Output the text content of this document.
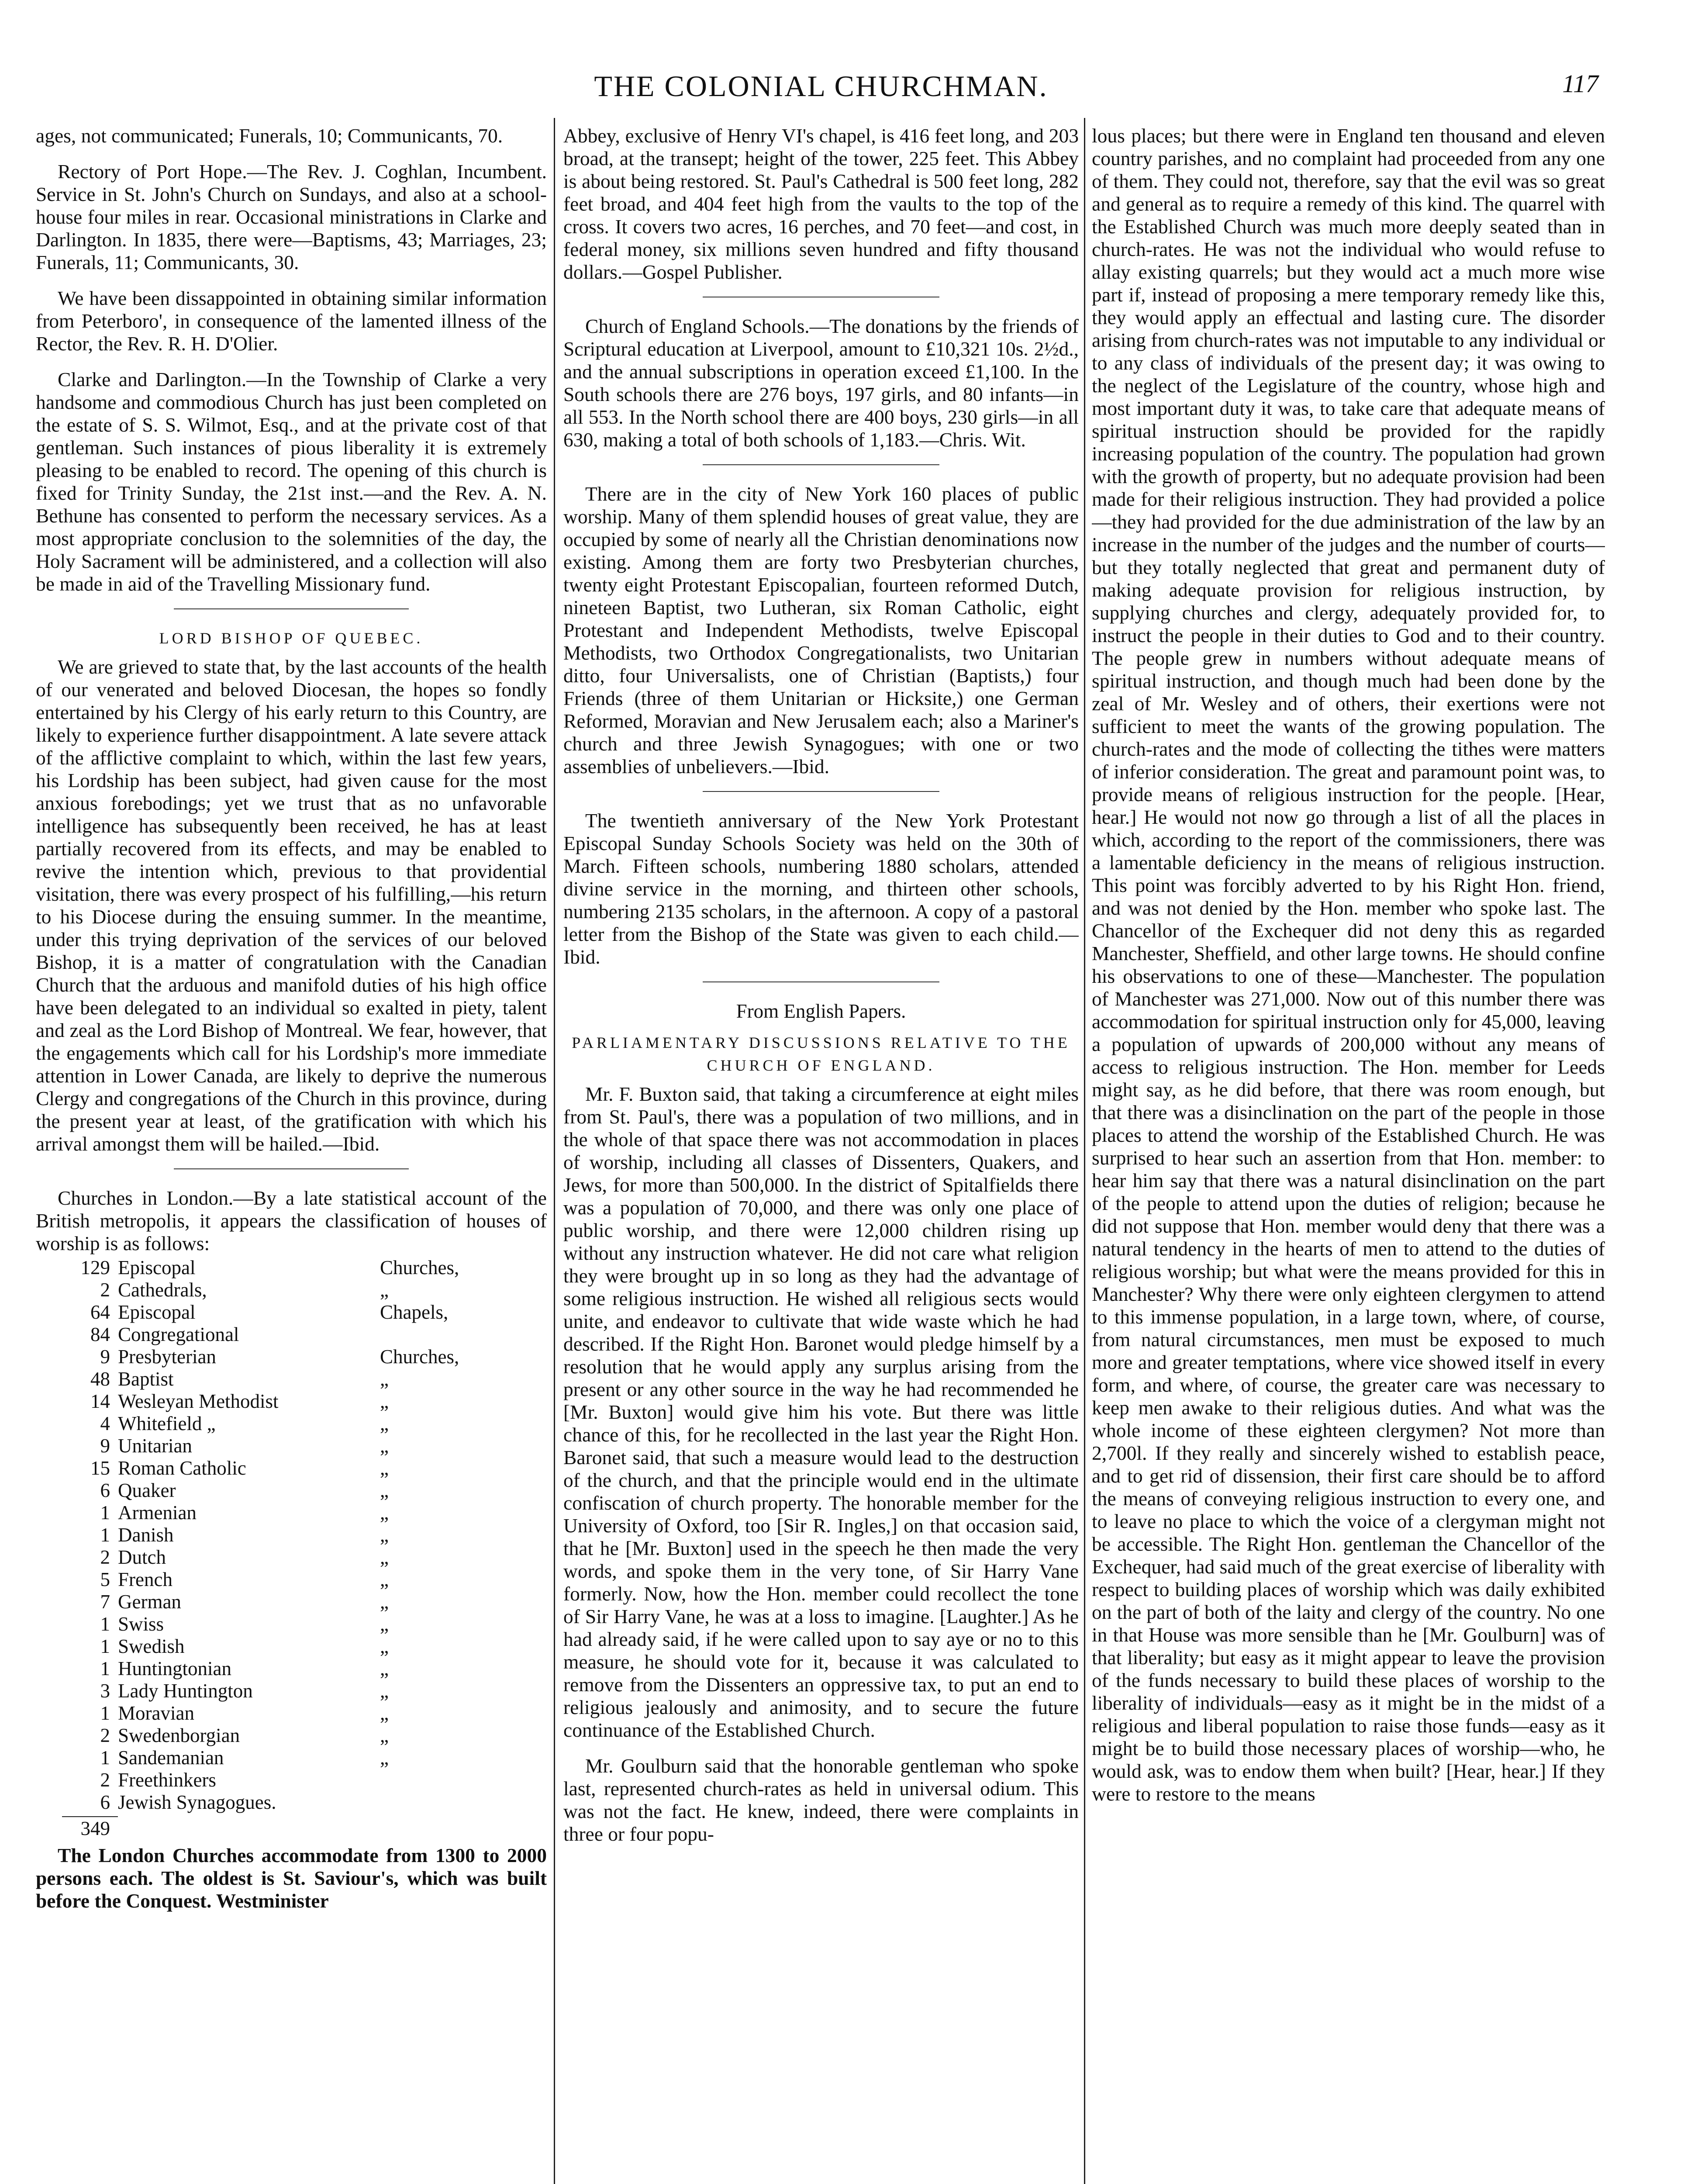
THE COLONIAL CHURCHMAN.	117

ages, not communicated; Funerals, 10; Communicants, 70.

Rectory of Port Hope.—The Rev. J. Coghlan, Incumbent. Service in St. John's Church on Sundays, and also at a school-house four miles in rear. Occasional ministrations in Clarke and Darlington. In 1835, there were—Baptisms, 43; Marriages, 23; Funerals, 11; Communicants, 30.

We have been dissappointed in obtaining similar information from Peterboro', in consequence of the lamented illness of the Rector, the Rev. R. H. D'Olier.

Clarke and Darlington.—In the Township of Clarke a very handsome and commodious Church has just been completed on the estate of S. S. Wilmot, Esq., and at the private cost of that gentleman. Such instances of pious liberality it is extremely pleasing to be enabled to record. The opening of this church is fixed for Trinity Sunday, the 21st inst.—and the Rev. A. N. Bethune has consented to perform the necessary services. As a most appropriate conclusion to the solemnities of the day, the Holy Sacrament will be administered, and a collection will also be made in aid of the Travelling Missionary fund.

LORD BISHOP OF QUEBEC.

We are grieved to state that, by the last accounts of the health of our venerated and beloved Diocesan, the hopes so fondly entertained by his Clergy of his early return to this Country, are likely to experience further disappointment. A late severe attack of the afflictive complaint to which, within the last few years, his Lordship has been subject, had given cause for the most anxious forebodings; yet we trust that as no unfavorable intelligence has subsequently been received, he has at least partially recovered from its effects, and may be enabled to revive the intention which, previous to that providential visitation, there was every prospect of his fulfilling,—his return to his Diocese during the ensuing summer. In the meantime, under this trying deprivation of the services of our beloved Bishop, it is a matter of congratulation with the Canadian Church that the arduous and manifold duties of his high office have been delegated to an individual so exalted in piety, talent and zeal as the Lord Bishop of Montreal. We fear, however, that the engagements which call for his Lordship's more immediate attention in Lower Canada, are likely to deprive the numerous Clergy and congregations of the Church in this province, during the present year at least, of the gratification with which his arrival amongst them will be hailed.—Ibid.

Churches in London.—By a late statistical account of the British metropolis, it appears the classification of houses of worship is as follows:

129 Episcopal	Churches,
2 Cathedrals,	„
64 Episcopal	Chapels,
84 Congregational
9 Presbyterian	Churches,
48 Baptist	„
14 Wesleyan Methodist	„
4 Whitefield „	„
9 Unitarian	„
15 Roman Catholic	„
6 Quaker	„
1 Armenian	„
1 Danish	„
2 Dutch	„
5 French	„
7 German	„
1 Swiss	„
1 Swedish	„
1 Huntingtonian	„
3 Lady Huntington	„
1 Moravian	„
2 Swedenborgian	„
1 Sandemanian	„
2 Freethinkers
6 Jewish Synagogues.
349

The London Churches accommodate from 1300 to 2000 persons each. The oldest is St. Saviour's, which was built before the Conquest. Westminister

Abbey, exclusive of Henry VI's chapel, is 416 feet long, and 203 broad, at the transept; height of the tower, 225 feet. This Abbey is about being restored. St. Paul's Cathedral is 500 feet long, 282 feet broad, and 404 feet high from the vaults to the top of the cross. It covers two acres, 16 perches, and 70 feet—and cost, in federal money, six millions seven hundred and fifty thousand dollars.—Gospel Publisher.

Church of England Schools.—The donations by the friends of Scriptural education at Liverpool, amount to £10,321 10s. 2½d., and the annual subscriptions in operation exceed £1,100. In the South schools there are 276 boys, 197 girls, and 80 infants—in all 553. In the North school there are 400 boys, 230 girls—in all 630, making a total of both schools of 1,183.—Chris. Wit.

There are in the city of New York 160 places of public worship. Many of them splendid houses of great value, they are occupied by some of nearly all the Christian denominations now existing. Among them are forty two Presbyterian churches, twenty eight Protestant Episcopalian, fourteen reformed Dutch, nineteen Baptist, two Lutheran, six Roman Catholic, eight Protestant and Independent Methodists, twelve Episcopal Methodists, two Orthodox Congregationalists, two Unitarian ditto, four Universalists, one of Christian (Baptists,) four Friends (three of them Unitarian or Hicksite,) one German Reformed, Moravian and New Jerusalem each; also a Mariner's church and three Jewish Synagogues; with one or two assemblies of unbelievers.—Ibid.

The twentieth anniversary of the New York Protestant Episcopal Sunday Schools Society was held on the 30th of March. Fifteen schools, numbering 1880 scholars, attended divine service in the morning, and thirteen other schools, numbering 2135 scholars, in the afternoon. A copy of a pastoral letter from the Bishop of the State was given to each child.—Ibid.

From English Papers.
PARLIAMENTARY DISCUSSIONS RELATIVE TO THE CHURCH OF ENGLAND.

Mr. F. Buxton said, that taking a circumference at eight miles from St. Paul's, there was a population of two millions, and in the whole of that space there was not accommodation in places of worship, including all classes of Dissenters, Quakers, and Jews, for more than 500,000. In the district of Spitalfields there was a population of 70,000, and there was only one place of public worship, and there were 12,000 children rising up without any instruction whatever. He did not care what religion they were brought up in so long as they had the advantage of some religious instruction. He wished all religious sects would unite, and endeavor to cultivate that wide waste which he had described. If the Right Hon. Baronet would pledge himself by a resolution that he would apply any surplus arising from the present or any other source in the way he had recommended he [Mr. Buxton] would give him his vote. But there was little chance of this, for he recollected in the last year the Right Hon. Baronet said, that such a measure would lead to the destruction of the church, and that the principle would end in the ultimate confiscation of church property. The honorable member for the University of Oxford, too [Sir R. Ingles,] on that occasion said, that he [Mr. Buxton] used in the speech he then made the very words, and spoke them in the very tone, of Sir Harry Vane formerly. Now, how the Hon. member could recollect the tone of Sir Harry Vane, he was at a loss to imagine. [Laughter.] As he had already said, if he were called upon to say aye or no to this measure, he should vote for it, because it was calculated to remove from the Dissenters an oppressive tax, to put an end to religious jealously and animosity, and to secure the future continuance of the Established Church.

Mr. Goulburn said that the honorable gentleman who spoke last, represented church-rates as held in universal odium. This was not the fact. He knew, indeed, there were complaints in three or four popu-

lous places; but there were in England ten thousand and eleven country parishes, and no complaint had proceeded from any one of them. They could not, therefore, say that the evil was so great and general as to require a remedy of this kind. The quarrel with the Established Church was much more deeply seated than in church-rates. He was not the individual who would refuse to allay existing quarrels; but they would act a much more wise part if, instead of proposing a mere temporary remedy like this, they would apply an effectual and lasting cure. The disorder arising from church-rates was not imputable to any individual or to any class of individuals of the present day; it was owing to the neglect of the Legislature of the country, whose high and most important duty it was, to take care that adequate means of spiritual instruction should be provided for the rapidly increasing population of the country. The population had grown with the growth of property, but no adequate provision had been made for their religious instruction. They had provided a police—they had provided for the due administration of the law by an increase in the number of the judges and the number of courts—but they totally neglected that great and permanent duty of making adequate provision for religious instruction, by supplying churches and clergy, adequately provided for, to instruct the people in their duties to God and to their country. The people grew in numbers without adequate means of spiritual instruction, and though much had been done by the zeal of Mr. Wesley and of others, their exertions were not sufficient to meet the wants of the growing population. The church-rates and the mode of collecting the tithes were matters of inferior consideration. The great and paramount point was, to provide means of religious instruction for the people. [Hear, hear.] He would not now go through a list of all the places in which, according to the report of the commissioners, there was a lamentable deficiency in the means of religious instruction. This point was forcibly adverted to by his Right Hon. friend, and was not denied by the Hon. member who spoke last. The Chancellor of the Exchequer did not deny this as regarded Manchester, Sheffield, and other large towns. He should confine his observations to one of these—Manchester. The population of Manchester was 271,000. Now out of this number there was accommodation for spiritual instruction only for 45,000, leaving a population of upwards of 200,000 without any means of access to religious instruction. The Hon. member for Leeds might say, as he did before, that there was room enough, but that there was a disinclination on the part of the people in those places to attend the worship of the Established Church. He was surprised to hear such an assertion from that Hon. member: to hear him say that there was a natural disinclination on the part of the people to attend upon the duties of religion; because he did not suppose that Hon. member would deny that there was a natural tendency in the hearts of men to attend to the duties of religious worship; but what were the means provided for this in Manchester? Why there were only eighteen clergymen to attend to this immense population, in a large town, where, of course, from natural circumstances, men must be exposed to much more and greater temptations, where vice showed itself in every form, and where, of course, the greater care was necessary to keep men awake to their religious duties. And what was the whole income of these eighteen clergymen? Not more than 2,700l. If they really and sincerely wished to establish peace, and to get rid of dissension, their first care should be to afford the means of conveying religious instruction to every one, and to leave no place to which the voice of a clergyman might not be accessible. The Right Hon. gentleman the Chancellor of the Exchequer, had said much of the great exercise of liberality with respect to building places of worship which was daily exhibited on the part of both of the laity and clergy of the country. No one in that House was more sensible than he [Mr. Goulburn] was of that liberality; but easy as it might appear to leave the provision of the funds necessary to build these places of worship to the liberality of individuals—easy as it might be in the midst of a religious and liberal population to raise those funds—easy as it might be to build those necessary places of worship—who, he would ask, was to endow them when built? [Hear, hear.] If they were to restore to the means
